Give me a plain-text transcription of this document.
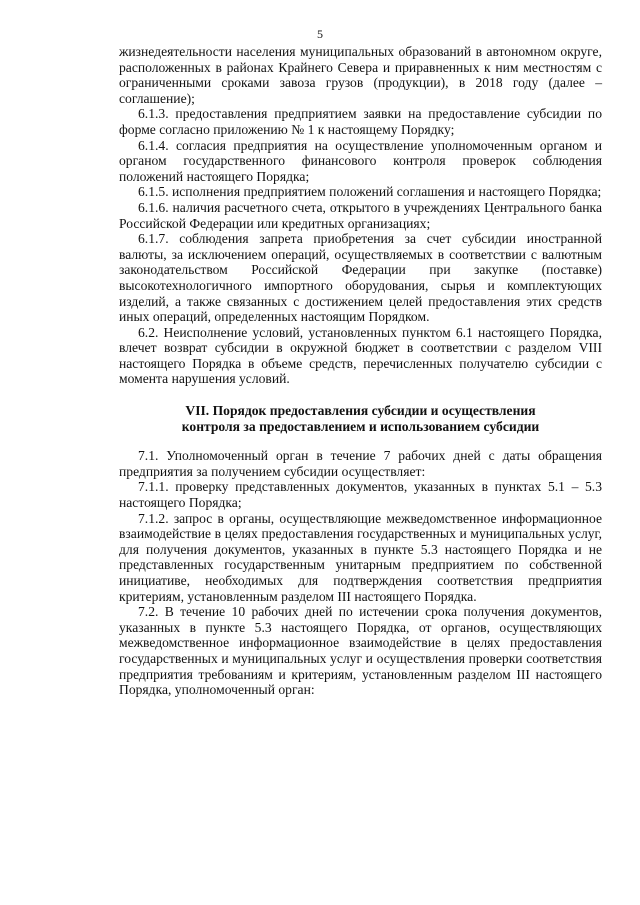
5

жизнедеятельности населения муниципальных образований в автономном округе, расположенных в районах Крайнего Севера и приравненных к ним местностям с ограниченными сроками завоза грузов (продукции), в 2018 году (далее – соглашение);

6.1.3. предоставления предприятием заявки на предоставление субсидии по форме согласно приложению № 1 к настоящему Порядку;

6.1.4. согласия предприятия на осуществление уполномоченным органом и органом государственного финансового контроля проверок соблюдения положений настоящего Порядка;

6.1.5. исполнения предприятием положений соглашения и настоящего Порядка;

6.1.6. наличия расчетного счета, открытого в учреждениях Центрального банка Российской Федерации или кредитных организациях;

6.1.7. соблюдения запрета приобретения за счет субсидии иностранной валюты, за исключением операций, осуществляемых в соответствии с валютным законодательством Российской Федерации при закупке (поставке) высокотехнологичного импортного оборудования, сырья и комплектующих изделий, а также связанных с достижением целей предоставления этих средств иных операций, определенных настоящим Порядком.

6.2. Неисполнение условий, установленных пунктом 6.1 настоящего Порядка, влечет возврат субсидии в окружной бюджет в соответствии с разделом VIII настоящего Порядка в объеме средств, перечисленных получателю субсидии с момента нарушения условий.

VII. Порядок предоставления субсидии и осуществления
контроля за предоставлением и использованием субсидии

7.1. Уполномоченный орган в течение 7 рабочих дней с даты обращения предприятия за получением субсидии осуществляет:

7.1.1. проверку представленных документов, указанных в пунктах 5.1 – 5.3 настоящего Порядка;

7.1.2. запрос в органы, осуществляющие межведомственное информационное взаимодействие в целях предоставления государственных и муниципальных услуг, для получения документов, указанных в пункте 5.3 настоящего Порядка и не представленных государственным унитарным предприятием по собственной инициативе, необходимых для подтверждения соответствия предприятия критериям, установленным разделом III настоящего Порядка.

7.2. В течение 10 рабочих дней по истечении срока получения документов, указанных в пункте 5.3 настоящего Порядка, от органов, осуществляющих межведомственное информационное взаимодействие в целях предоставления государственных и муниципальных услуг и осуществления проверки соответствия предприятия требованиям и критериям, установленным разделом III настоящего Порядка, уполномоченный орган:
